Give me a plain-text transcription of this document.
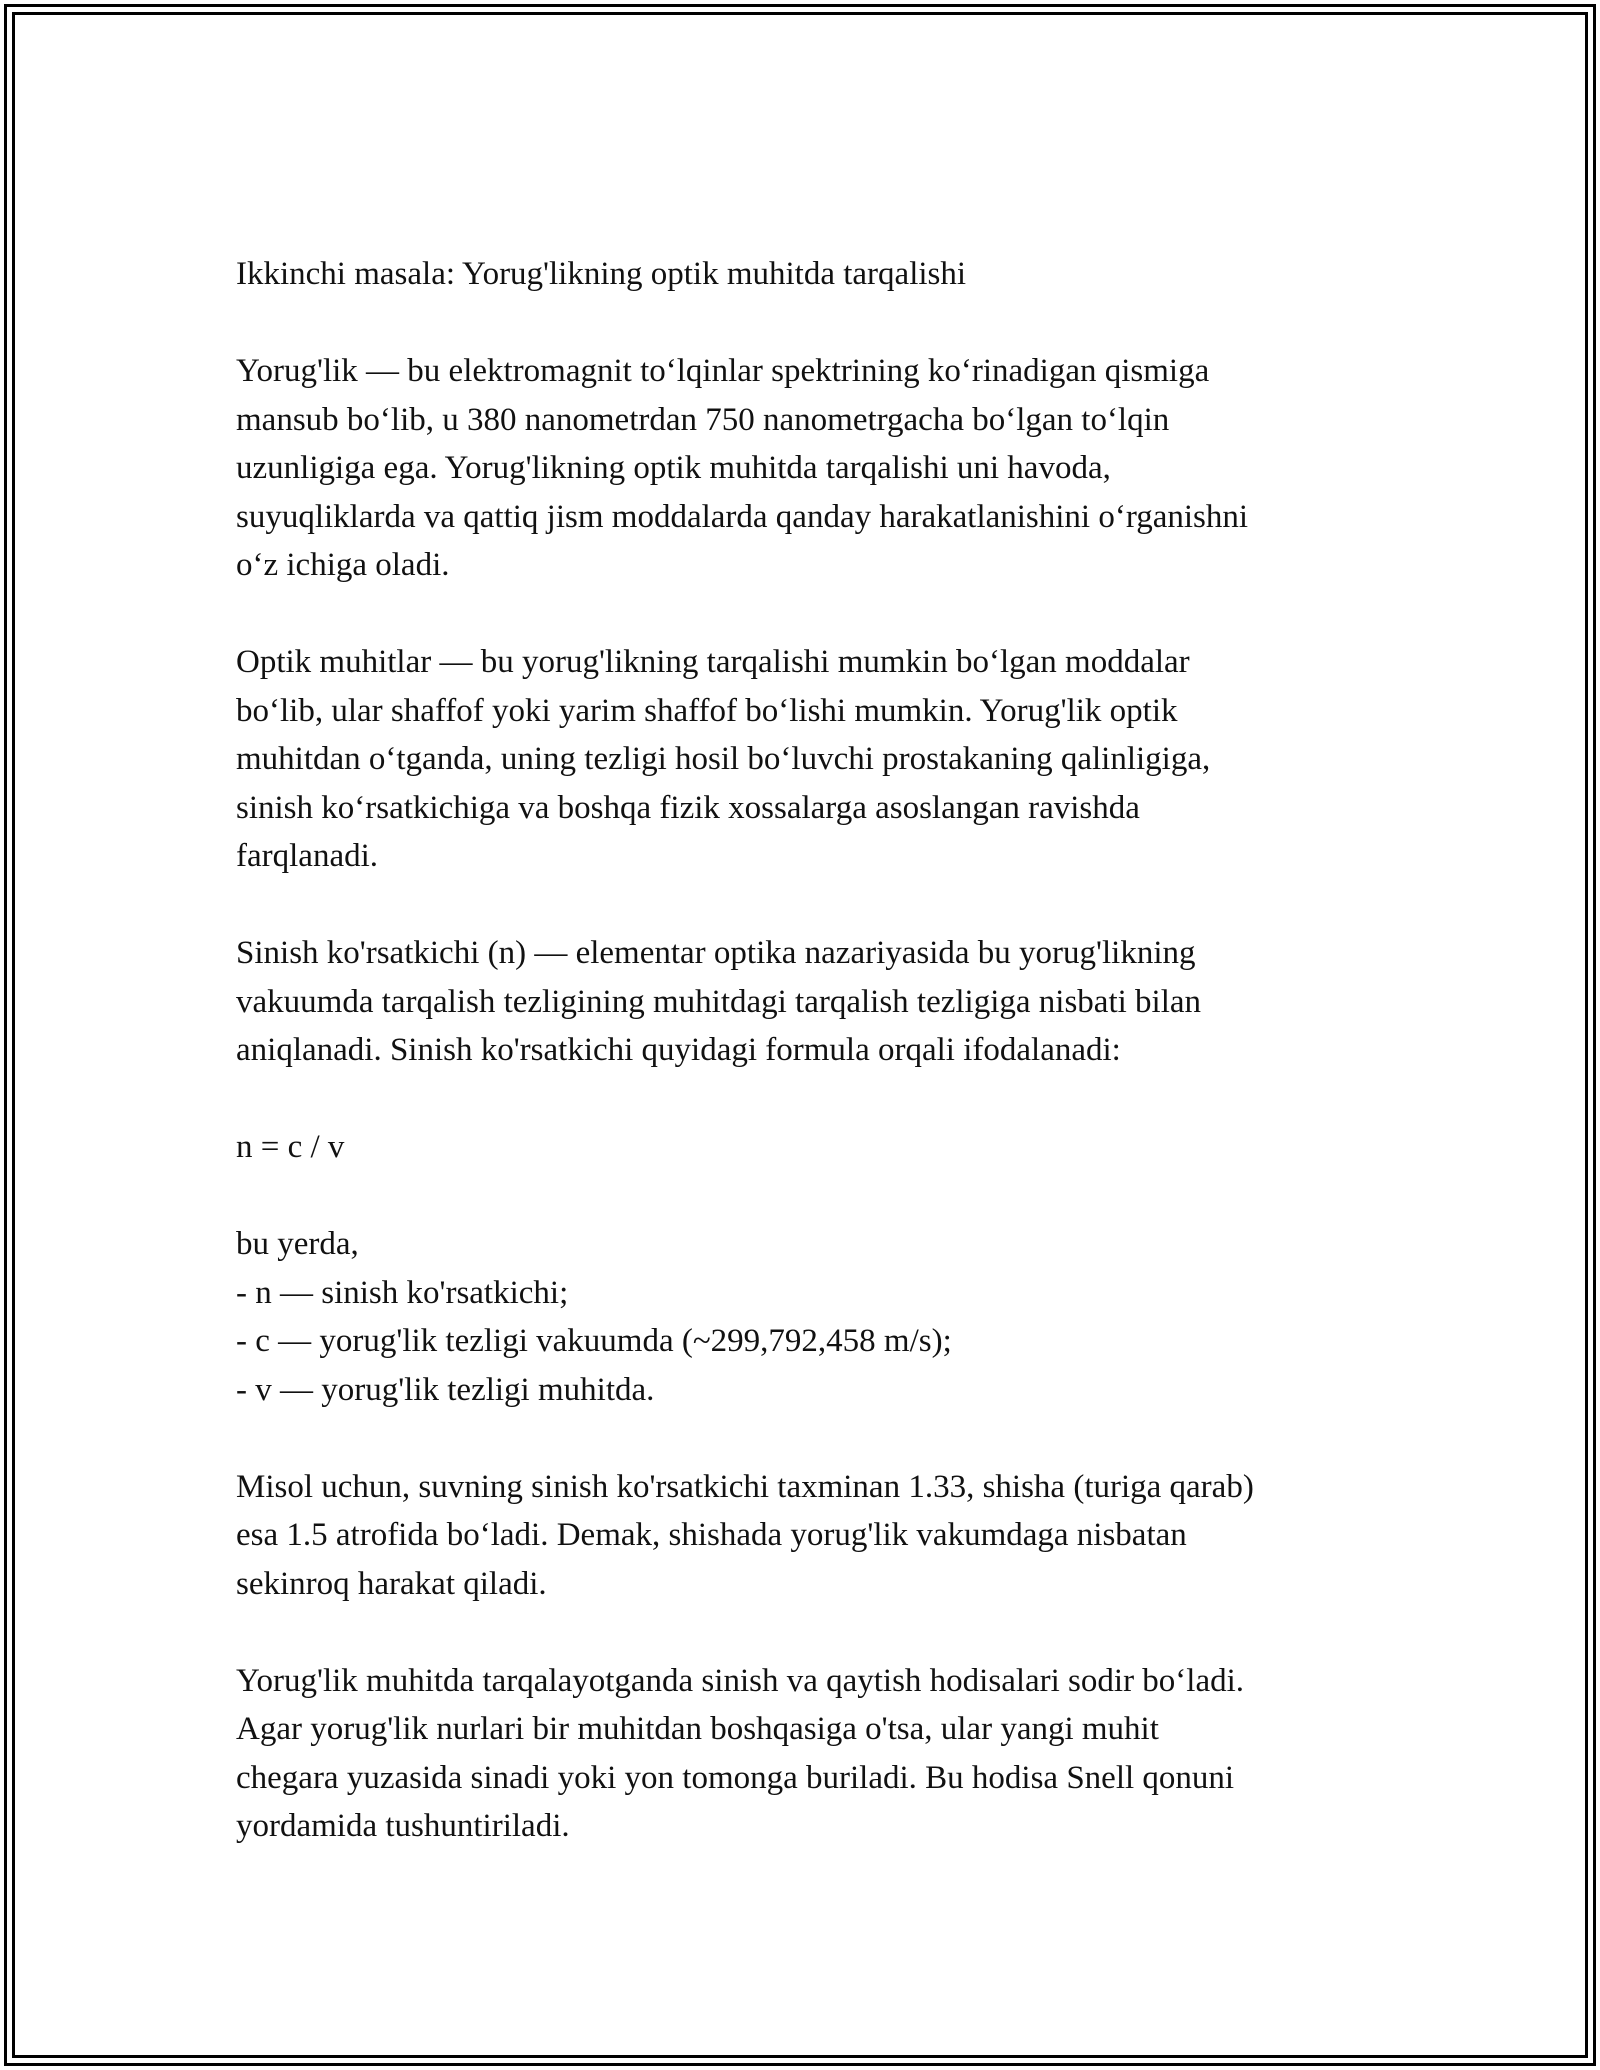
Ikkinchi masala: Yorug'likning optik muhitda tarqalishi

Yorug'lik — bu elektromagnit to‘lqinlar spektrining ko‘rinadigan qismiga
mansub bo‘lib, u 380 nanometrdan 750 nanometrgacha bo‘lgan to‘lqin
uzunligiga ega. Yorug'likning optik muhitda tarqalishi uni havoda,
suyuqliklarda va qattiq jism moddalarda qanday harakatlanishini o‘rganishni
o‘z ichiga oladi.

Optik muhitlar — bu yorug'likning tarqalishi mumkin bo‘lgan moddalar
bo‘lib, ular shaffof yoki yarim shaffof bo‘lishi mumkin. Yorug'lik optik
muhitdan o‘tganda, uning tezligi hosil bo‘luvchi prostakaning qalinligiga,
sinish ko‘rsatkichiga va boshqa fizik xossalarga asoslangan ravishda
farqlanadi.

Sinish ko'rsatkichi (n) — elementar optika nazariyasida bu yorug'likning
vakuumda tarqalish tezligining muhitdagi tarqalish tezligiga nisbati bilan
aniqlanadi. Sinish ko'rsatkichi quyidagi formula orqali ifodalanadi:

n = c / v

bu yerda,
- n — sinish ko'rsatkichi;
- c — yorug'lik tezligi vakuumda (~299,792,458 m/s);
- v — yorug'lik tezligi muhitda.

Misol uchun, suvning sinish ko'rsatkichi taxminan 1.33, shisha (turiga qarab)
esa 1.5 atrofida bo‘ladi. Demak, shishada yorug'lik vakumdaga nisbatan
sekinroq harakat qiladi.

Yorug'lik muhitda tarqalayotganda sinish va qaytish hodisalari sodir bo‘ladi.
Agar yorug'lik nurlari bir muhitdan boshqasiga o'tsa, ular yangi muhit
chegara yuzasida sinadi yoki yon tomonga buriladi. Bu hodisa Snell qonuni
yordamida tushuntiriladi.
